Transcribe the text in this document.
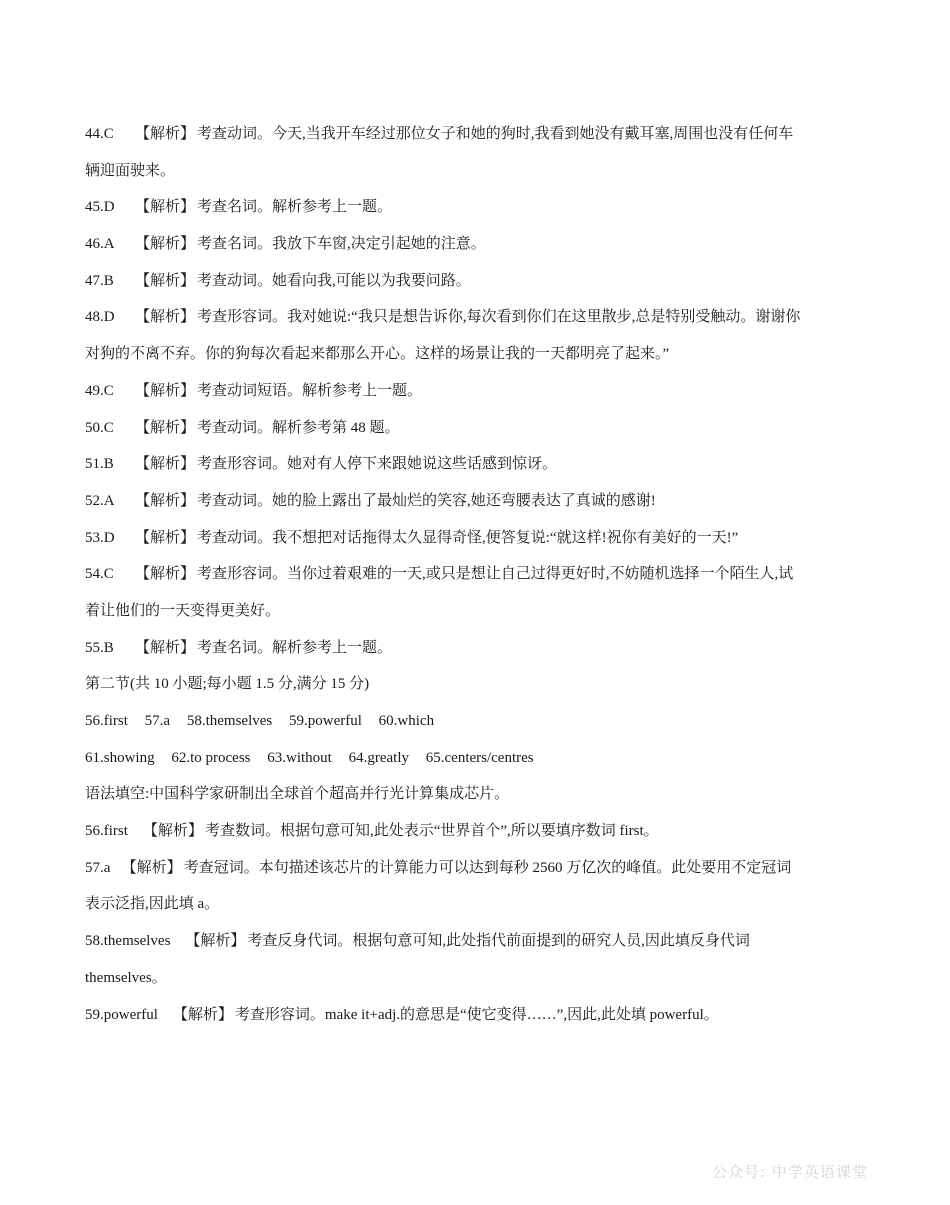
44.C 【解析】 考查动词。今天,当我开车经过那位女子和她的狗时,我看到她没有戴耳塞,周围也没有任何车
辆迎面驶来。
45.D 【解析】 考查名词。解析参考上一题。
46.A 【解析】 考查名词。我放下车窗,决定引起她的注意。
47.B 【解析】 考查动词。她看向我,可能以为我要问路。
48.D 【解析】 考查形容词。我对她说:“我只是想告诉你,每次看到你们在这里散步,总是特别受触动。谢谢你
对狗的不离不弃。你的狗每次看起来都那么开心。这样的场景让我的一天都明亮了起来。”
49.C 【解析】 考查动词短语。解析参考上一题。
50.C 【解析】 考查动词。解析参考第 48 题。
51.B 【解析】 考查形容词。她对有人停下来跟她说这些话感到惊讶。
52.A 【解析】 考查动词。她的脸上露出了最灿烂的笑容,她还弯腰表达了真诚的感谢!
53.D 【解析】 考查动词。我不想把对话拖得太久显得奇怪,便答复说:“就这样!祝你有美好的一天!”
54.C 【解析】 考查形容词。当你过着艰难的一天,或只是想让自己过得更好时,不妨随机选择一个陌生人,试
着让他们的一天变得更美好。
55.B 【解析】 考查名词。解析参考上一题。
第二节(共 10 小题;每小题 1.5 分,满分 15 分)
56.first 57.a 58.themselves 59.powerful 60.which
61.showing 62.to process 63.without 64.greatly 65.centers/centres
语法填空:中国科学家研制出全球首个超高并行光计算集成芯片。
56.first 【解析】 考查数词。根据句意可知,此处表示“世界首个”,所以要填序数词 first。
57.a 【解析】 考查冠词。本句描述该芯片的计算能力可以达到每秒 2560 万亿次的峰值。此处要用不定冠词
表示泛指,因此填 a。
58.themselves 【解析】 考查反身代词。根据句意可知,此处指代前面提到的研究人员,因此填反身代词
themselves。
59.powerful 【解析】 考查形容词。make it+adj.的意思是“使它变得……”,因此,此处填 powerful。
公众号: 中学英语课堂
